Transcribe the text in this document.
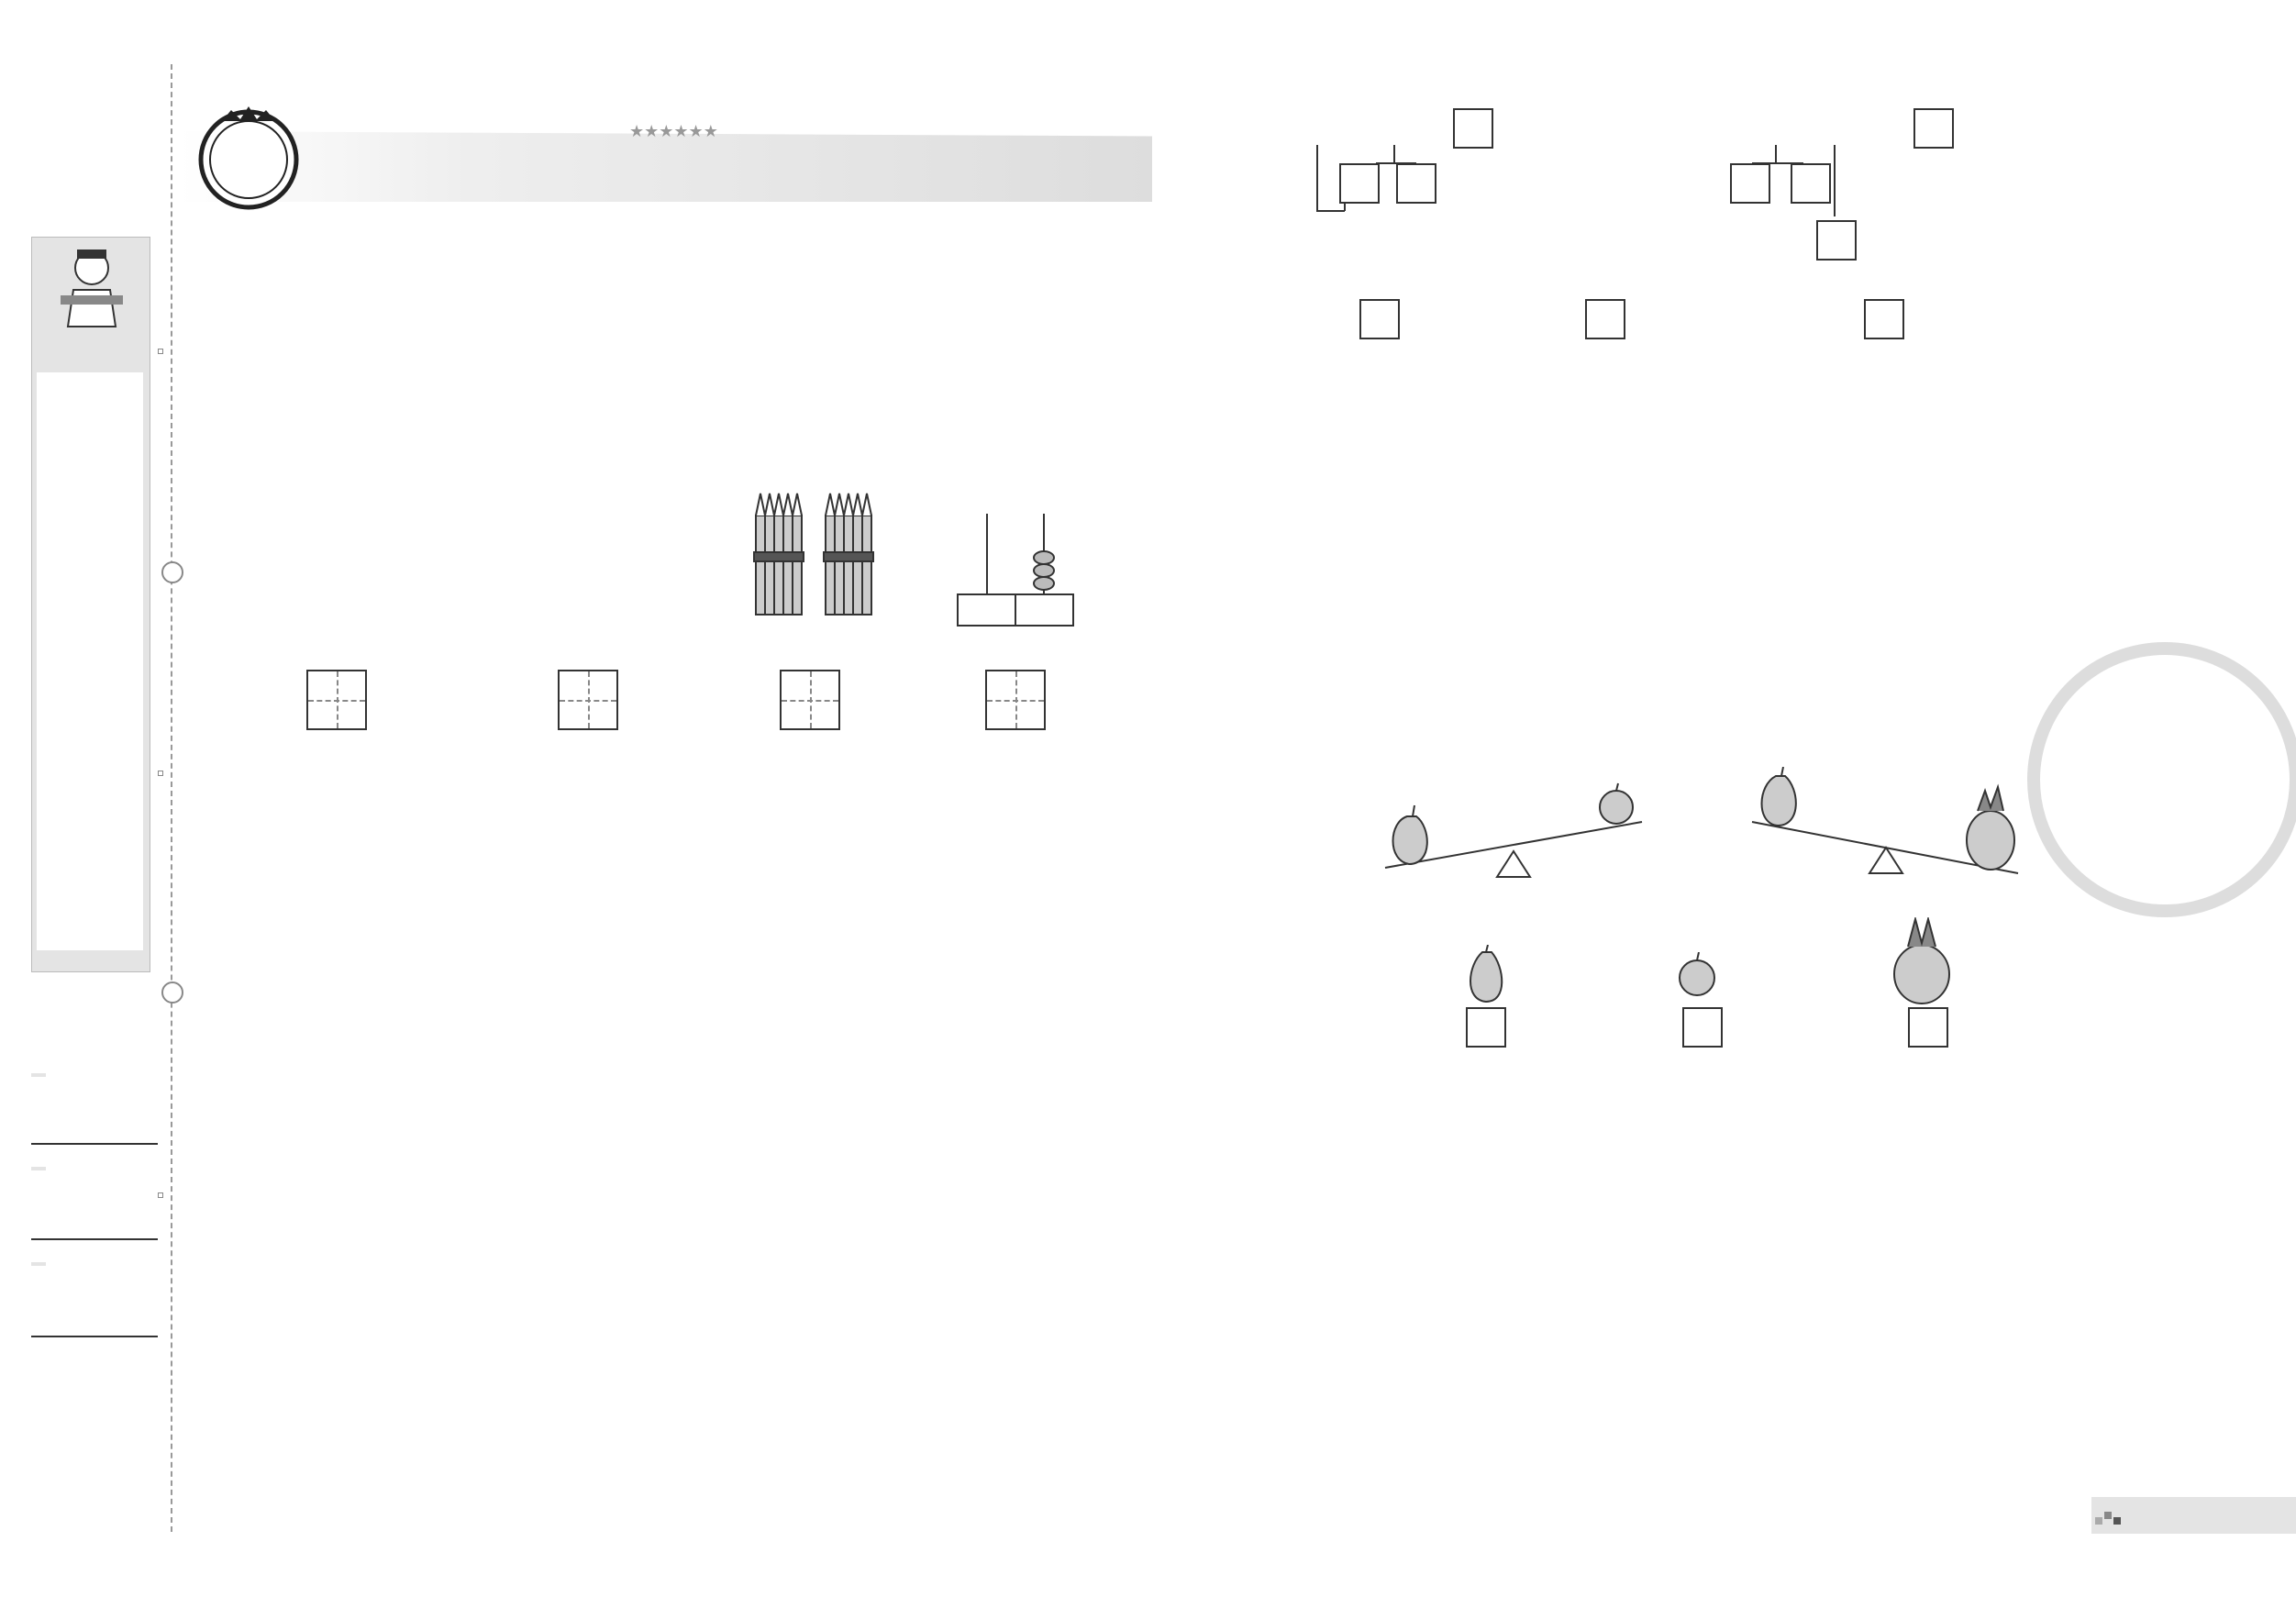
★★★★★★
